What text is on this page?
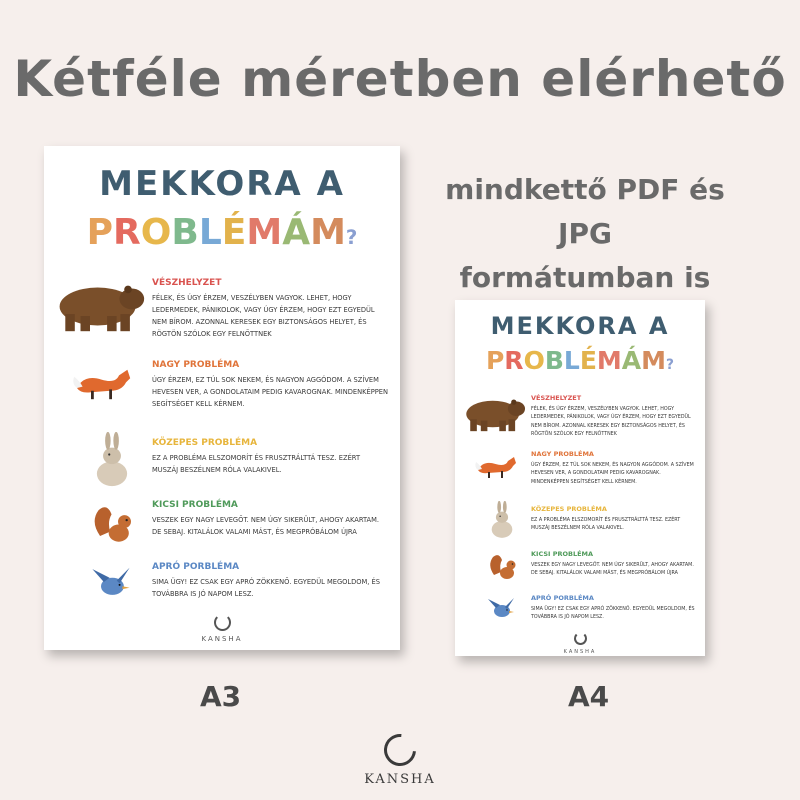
Kétféle méretben elérhető
mindkettő PDF és JPG
formátumban is
MEKKORA A
PROBLÉMÁM?
VÉSZHELYZET
FÉLEK, ÉS ÚGY ÉRZEM, VESZÉLYBEN VAGYOK. LEHET, HOGY LEDERMEDEK, PÁNIKOLOK, VAGY ÚGY ÉRZEM, HOGY EZT EGYEDÜL NEM BÍROM. AZONNAL KERESEK EGY BIZTONSÁGOS HELYET, ÉS RÖGTÖN SZÓLOK EGY FELNŐTTNEK
NAGY PROBLÉMA
ÚGY ÉRZEM, EZ TÚL SOK NEKEM, ÉS NAGYON AGGÓDOM. A SZÍVEM HEVESEN VER, A GONDOLATAIM PEDIG KAVAROGNAK. MINDENKÉPPEN SEGÍTSÉGET KELL KÉRNEM.
KÖZEPES PROBLÉMA
EZ A PROBLÉMA ELSZOMORÍT ÉS FRUSZTRÁLTTÁ TESZ. EZÉRT MUSZÁJ BESZÉLNEM RÓLA VALAKIVEL.
KICSI PROBLÉMA
VESZEK EGY NAGY LEVEGŐT. NEM ÚGY SIKERÜLT, AHOGY AKARTAM. DE SEBAJ. KITALÁLOK VALAMI MÁST, ÉS MEGPRÓBÁLOM ÚJRA
APRÓ PORBLÉMA
SIMA ÜGY! EZ CSAK EGY APRÓ ZÖKKENŐ. EGYEDÜL MEGOLDOM, ÉS TOVÁBBRA IS JÓ NAPOM LESZ.
KANSHA
MEKKORA A
PROBLÉMÁM?
VÉSZHELYZET
FÉLEK, ÉS ÚGY ÉRZEM, VESZÉLYBEN VAGYOK. LEHET, HOGY LEDERMEDEK, PÁNIKOLOK, VAGY ÚGY ÉRZEM, HOGY EZT EGYEDÜL NEM BÍROM. AZONNAL KERESEK EGY BIZTONSÁGOS HELYET, ÉS RÖGTÖN SZÓLOK EGY FELNŐTTNEK
NAGY PROBLÉMA
ÚGY ÉRZEM, EZ TÚL SOK NEKEM, ÉS NAGYON AGGÓDOM. A SZÍVEM HEVESEN VER, A GONDOLATAIM PEDIG KAVAROGNAK. MINDENKÉPPEN SEGÍTSÉGET KELL KÉRNEM.
KÖZEPES PROBLÉMA
EZ A PROBLÉMA ELSZOMORÍT ÉS FRUSZTRÁLTTÁ TESZ. EZÉRT MUSZÁJ BESZÉLNEM RÓLA VALAKIVEL.
KICSI PROBLÉMA
VESZEK EGY NAGY LEVEGŐT. NEM ÚGY SIKERÜLT, AHOGY AKARTAM. DE SEBAJ. KITALÁLOK VALAMI MÁST, ÉS MEGPRÓBÁLOM ÚJRA
APRÓ PORBLÉMA
SIMA ÜGY! EZ CSAK EGY APRÓ ZÖKKENŐ. EGYEDÜL MEGOLDOM, ÉS TOVÁBBRA IS JÓ NAPOM LESZ.
KANSHA
A3	A4
KANSHA
